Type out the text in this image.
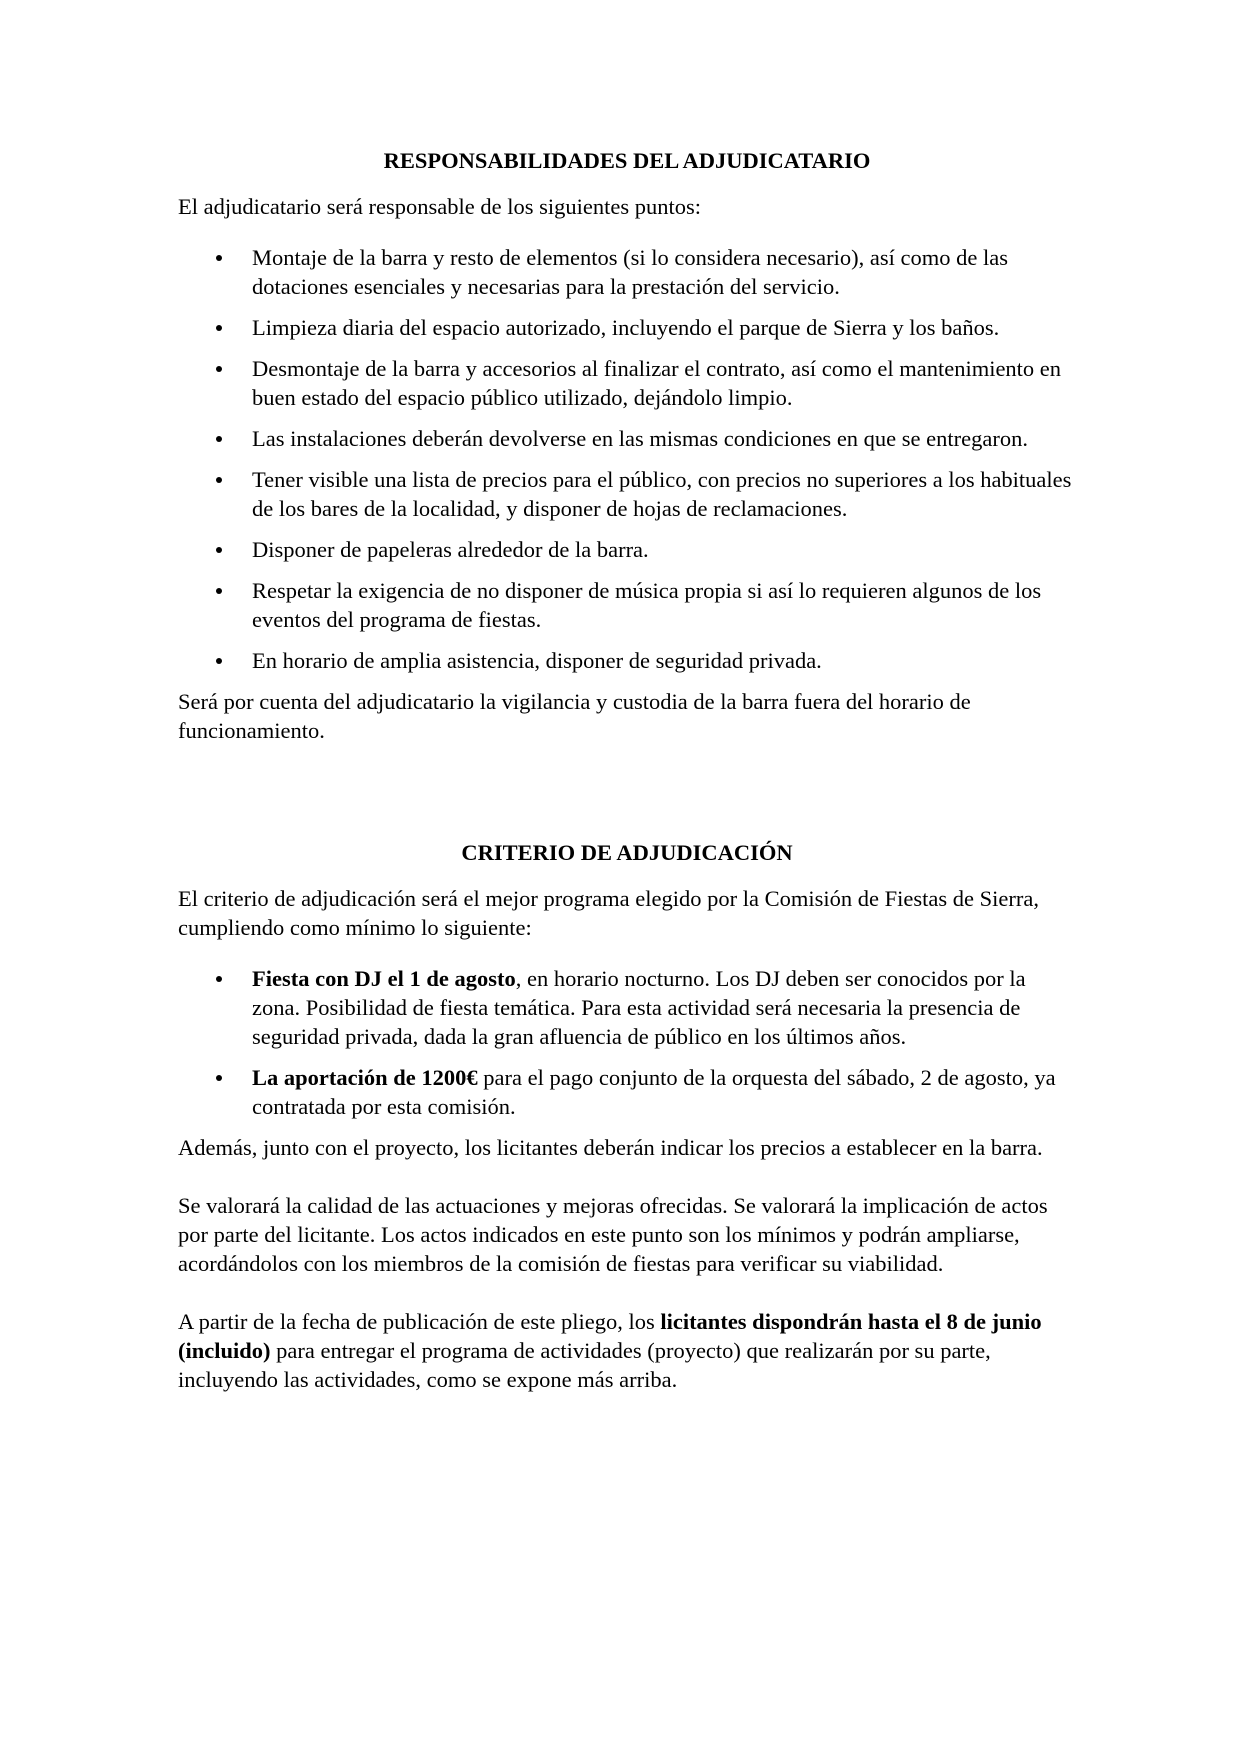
RESPONSABILIDADES DEL ADJUDICATARIO

El adjudicatario será responsable de los siguientes puntos:

Montaje de la barra y resto de elementos (si lo considera necesario), así como de las dotaciones esenciales y necesarias para la prestación del servicio.
Limpieza diaria del espacio autorizado, incluyendo el parque de Sierra y los baños.
Desmontaje de la barra y accesorios al finalizar el contrato, así como el mantenimiento en buen estado del espacio público utilizado, dejándolo limpio.
Las instalaciones deberán devolverse en las mismas condiciones en que se entregaron.
Tener visible una lista de precios para el público, con precios no superiores a los habituales de los bares de la localidad, y disponer de hojas de reclamaciones.
Disponer de papeleras alrededor de la barra.
Respetar la exigencia de no disponer de música propia si así lo requieren algunos de los eventos del programa de fiestas.
En horario de amplia asistencia, disponer de seguridad privada.

Será por cuenta del adjudicatario la vigilancia y custodia de la barra fuera del horario de funcionamiento.

CRITERIO DE ADJUDICACIÓN

El criterio de adjudicación será el mejor programa elegido por la Comisión de Fiestas de Sierra, cumpliendo como mínimo lo siguiente:

Fiesta con DJ el 1 de agosto, en horario nocturno. Los DJ deben ser conocidos por la zona. Posibilidad de fiesta temática. Para esta actividad será necesaria la presencia de seguridad privada, dada la gran afluencia de público en los últimos años.
La aportación de 1200€ para el pago conjunto de la orquesta del sábado, 2 de agosto, ya contratada por esta comisión.

Además, junto con el proyecto, los licitantes deberán indicar los precios a establecer en la barra.

Se valorará la calidad de las actuaciones y mejoras ofrecidas. Se valorará la implicación de actos por parte del licitante. Los actos indicados en este punto son los mínimos y podrán ampliarse, acordándolos con los miembros de la comisión de fiestas para verificar su viabilidad.

A partir de la fecha de publicación de este pliego, los licitantes dispondrán hasta el 8 de junio (incluido) para entregar el programa de actividades (proyecto) que realizarán por su parte, incluyendo las actividades, como se expone más arriba.
